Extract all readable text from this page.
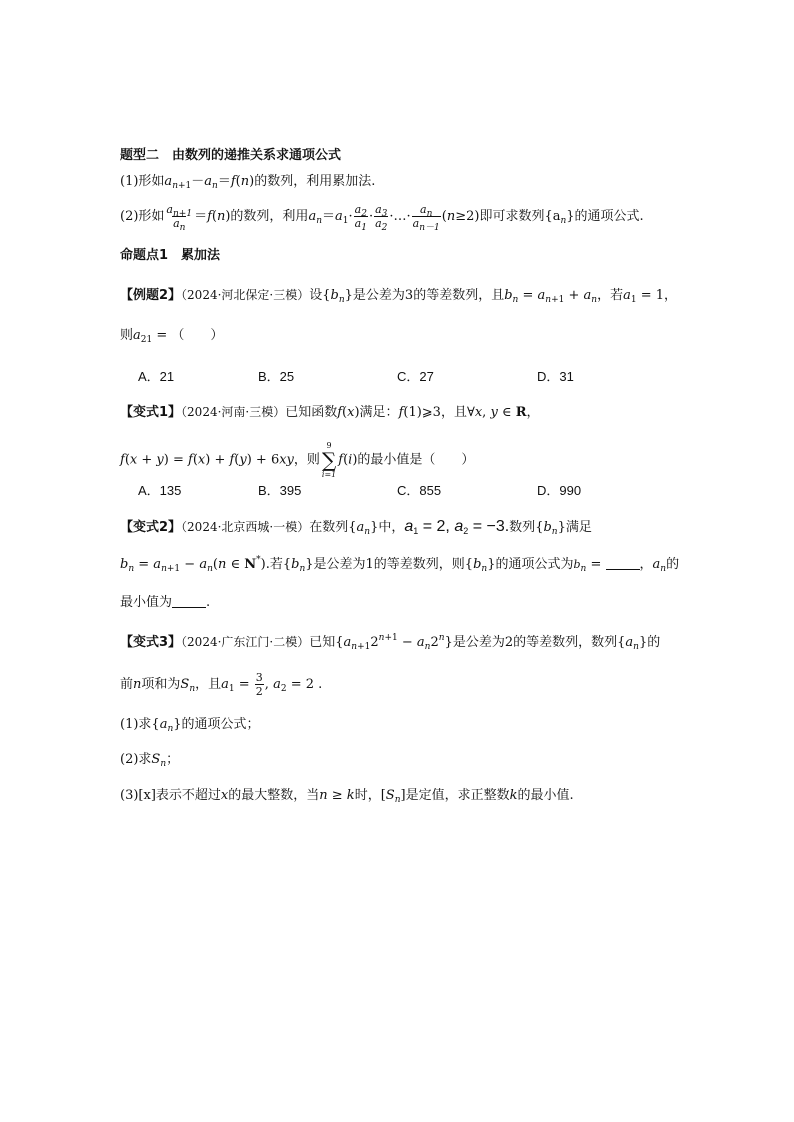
题型二　由数列的递推关系求通项公式
(1)形如$a_{n+1}-a_n=f(n)$的数列，利用累加法.
(2)形如 $\frac{a_{n+1}}{a_n} =f(n)$的数列，利用$a_n=a_1\cdot \frac{a_2}{a_1} \cdot \frac{a_3}{a_2}$ ·…· $\frac{a_n}{a_{n-1}} (n\ge 2)$即可求数列$\{a_n\}$的通项公式.
命题点1　累加法
【例题2】（2024·河北保定·三模）设$\{b_n\}$是公差为3的等差数列，且$b_n = a_{n+1} + a_n$，若$a_1 = 1$，
则$a_{21}$ = （　　）
A．21	B．25	C．27	D．31
【变式1】（2024·河南·三模）已知函数f(x)满足：f(1)⩾3，且∀x, y ∈ R，
f(x + y) = f(x) + f(y) + 6xy，则
9
∑
i=1
f(i)的最小值是（　　）
A．135	B．395	C．855	D．990
【变式2】（2024·北京西城·一模）在数列$\{a_n\}$中，$a_1 = 2$, $a_2 = -3$.数列$\{b_n\}$满足
$b_n = a_{n+1} - a_n(n$ ∈ N*).若$\{b_n\}$是公差为1的等差数列，则$\{b_n\}$的通项公式为$b_n$ =	，$a_n$的
最小值为	.
【变式3】（2024·广东江门·二模）已知$\{a_{n+1}2^{n+1} - a_n2^n\}$是公差为2的等差数列，数列$\{a_n\}$的
前n项和为$S_n$，且$a_1 = \frac{3}{2}$ , $a_2 = 2$ .
(1)求$\{a_n\}$的通项公式；
(2)求$S_n$；
(3)[x]表示不超过x的最大整数，当n ≥ k时，$[S_n]$是定值，求正整数k的最小值.
